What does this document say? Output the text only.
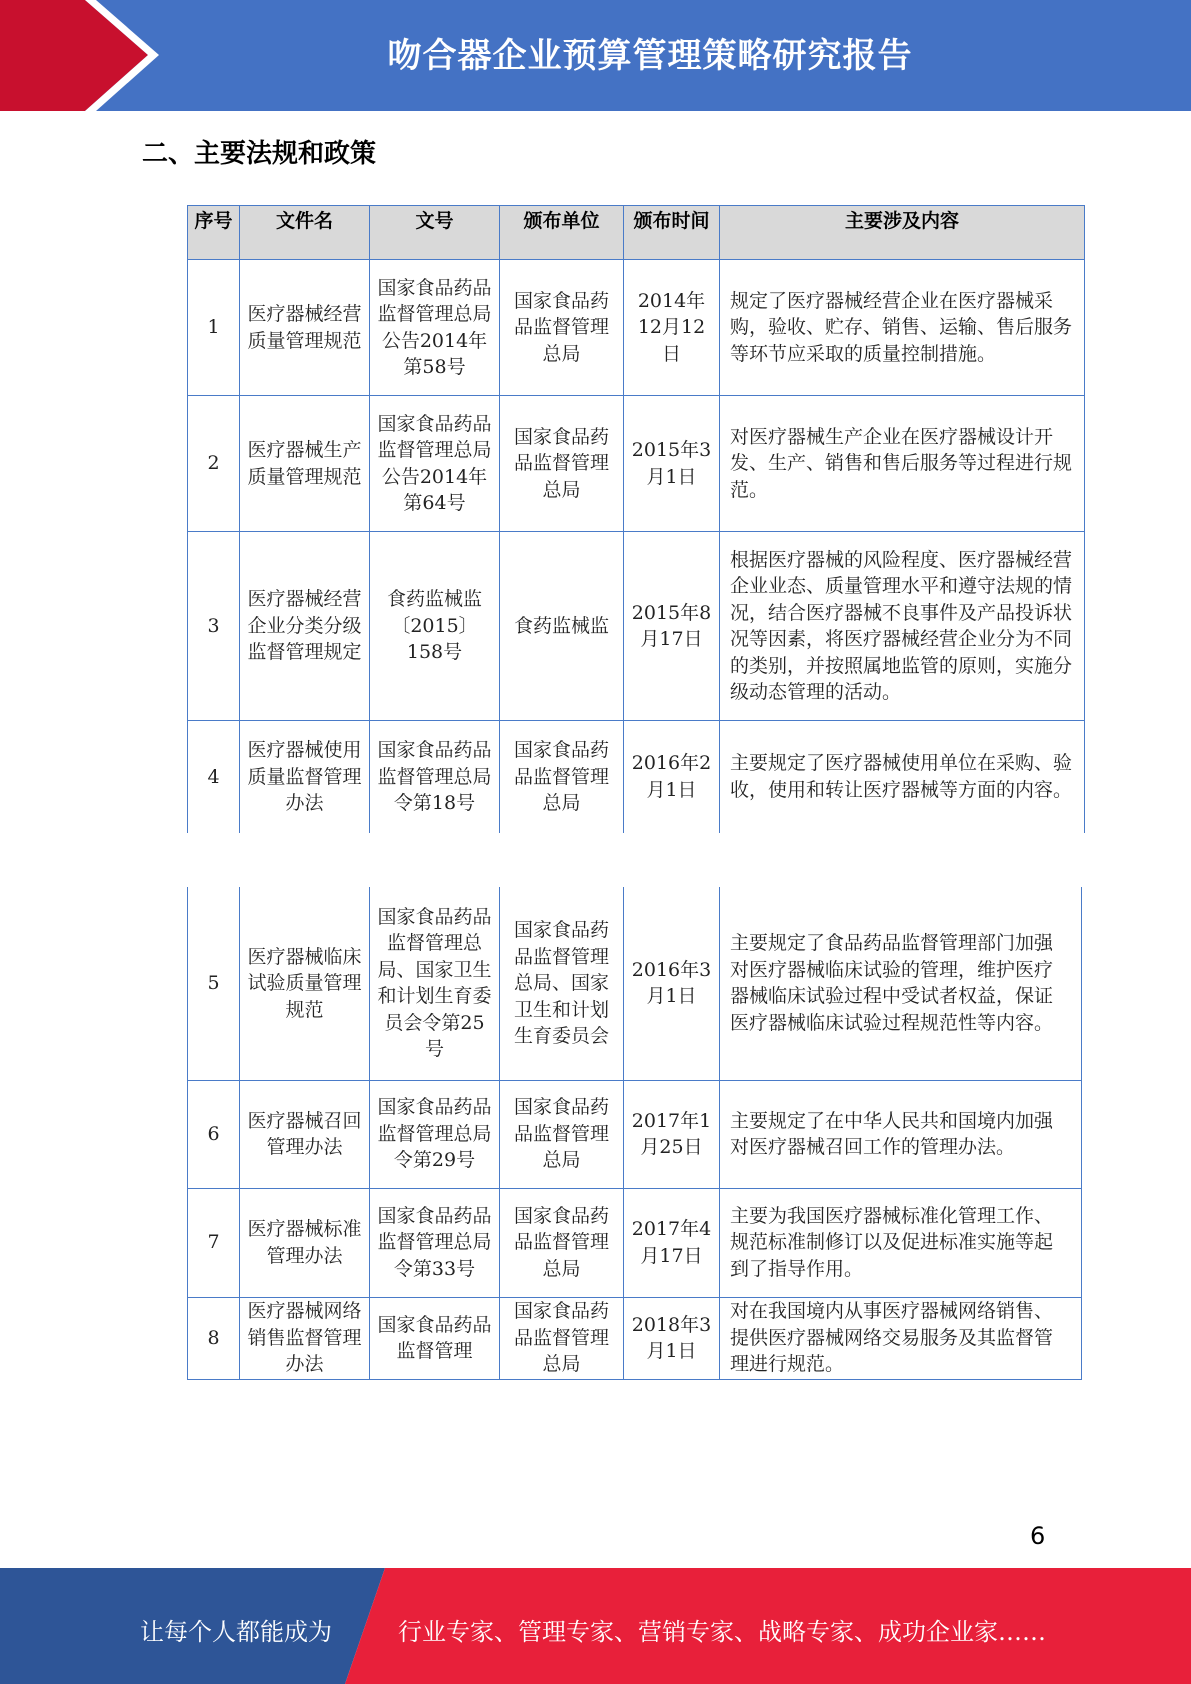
吻合器企业预算管理策略研究报告
二、主要法规和政策
序号	文件名	文号	颁布单位	颁布时间	主要涉及内容
1	医疗器械经营质量管理规范	国家食品药品监督管理总局公告2014年第58号	国家食品药品监督管理总局	2014年12月12日	规定了医疗器械经营企业在医疗器械采购，验收、贮存、销售、运输、售后服务等环节应采取的质量控制措施。
2	医疗器械生产质量管理规范	国家食品药品监督管理总局公告2014年第64号	国家食品药品监督管理总局	2015年3月1日	对医疗器械生产企业在医疗器械设计开发、生产、销售和售后服务等过程进行规范。
3	医疗器械经营企业分类分级监督管理规定	食药监械监〔2015〕158号	食药监械监	2015年8月17日	根据医疗器械的风险程度、医疗器械经营企业业态、质量管理水平和遵守法规的情况，结合医疗器械不良事件及产品投诉状况等因素，将医疗器械经营企业分为不同的类别，并按照属地监管的原则，实施分级动态管理的活动。
4	医疗器械使用质量监督管理办法	国家食品药品监督管理总局令第18号	国家食品药品监督管理总局	2016年2月1日	主要规定了医疗器械使用单位在采购、验收，使用和转让医疗器械等方面的内容。
5	医疗器械临床试验质量管理规范	国家食品药品监督管理总局、国家卫生和计划生育委员会令第25号	国家食品药品监督管理总局、国家卫生和计划生育委员会	2016年3月1日	主要规定了食品药品监督管理部门加强对医疗器械临床试验的管理，维护医疗器械临床试验过程中受试者权益，保证医疗器械临床试验过程规范性等内容。
6	医疗器械召回管理办法	国家食品药品监督管理总局令第29号	国家食品药品监督管理总局	2017年1月25日	主要规定了在中华人民共和国境内加强对医疗器械召回工作的管理办法。
7	医疗器械标准管理办法	国家食品药品监督管理总局令第33号	国家食品药品监督管理总局	2017年4月17日	主要为我国医疗器械标准化管理工作、规范标准制修订以及促进标准实施等起到了指导作用。
8	医疗器械网络销售监督管理办法	国家食品药品监督管理	国家食品药品监督管理总局	2018年3月1日	对在我国境内从事医疗器械网络销售、提供医疗器械网络交易服务及其监督管理进行规范。
6
让每个人都能成为	行业专家、管理专家、营销专家、战略专家、成功企业家……
